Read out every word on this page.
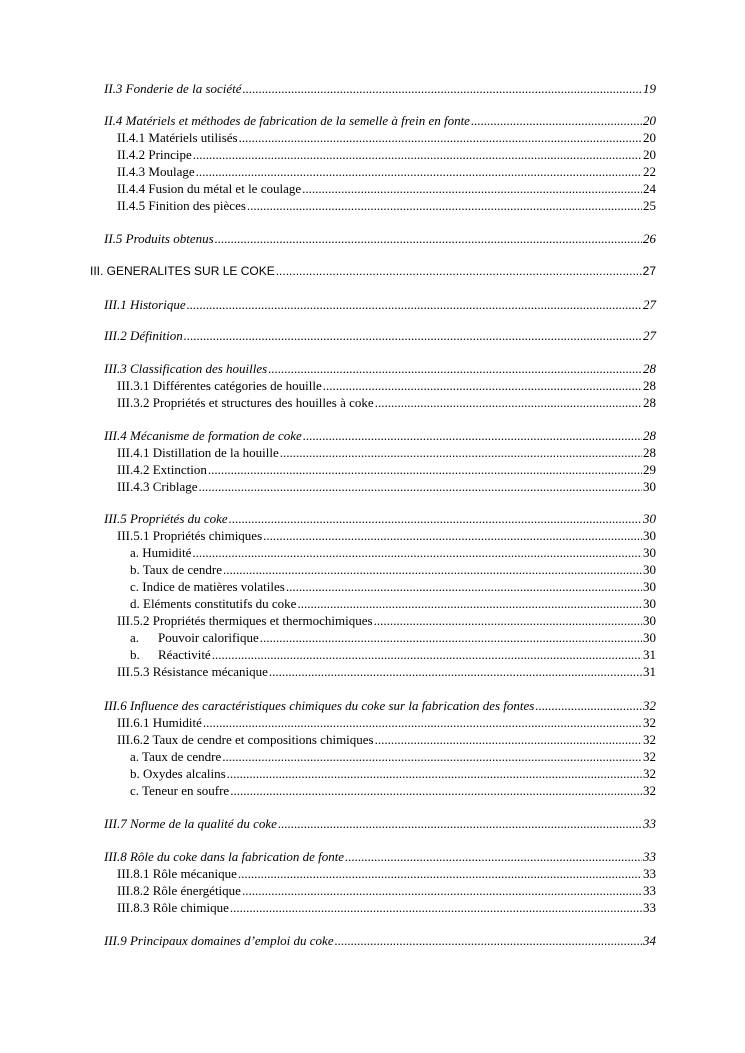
II.3 Fonderie de la société .....	19
II.4 Matériels et méthodes de fabrication de la semelle à frein en fonte .....	20
II.4.1 Matériels utilisés .....	20
II.4.2 Principe .....	20
II.4.3 Moulage .....	22
II.4.4 Fusion du métal et le coulage .....	24
II.4.5 Finition des pièces .....	25
II.5 Produits obtenus .....	26
III. GENERALITES SUR LE COKE .....	27
III.1 Historique .....	27
III.2 Définition .....	27
III.3 Classification des houilles .....	28
III.3.1 Différentes catégories de houille .....	28
III.3.2 Propriétés et structures des houilles à coke .....	28
III.4 Mécanisme de formation de coke .....	28
III.4.1 Distillation de la houille .....	28
III.4.2 Extinction .....	29
III.4.3 Criblage .....	30
III.5 Propriétés du coke .....	30
III.5.1 Propriétés chimiques .....	30
a. Humidité .....	30
b. Taux de cendre .....	30
c. Indice de matières volatiles .....	30
d. Eléments constitutifs du coke .....	30
III.5.2 Propriétés thermiques et thermochimiques .....	30
a. Pouvoir calorifique .....	30
b. Réactivité .....	31
III.5.3 Résistance mécanique .....	31
III.6 Influence des caractéristiques chimiques du coke sur la fabrication des fontes .....	32
III.6.1 Humidité .....	32
III.6.2 Taux de cendre et compositions chimiques .....	32
a. Taux de cendre .....	32
b. Oxydes alcalins .....	32
c. Teneur en soufre .....	32
III.7 Norme de la qualité du coke .....	33
III.8 Rôle du coke dans la fabrication de fonte .....	33
III.8.1 Rôle mécanique .....	33
III.8.2 Rôle énergétique .....	33
III.8.3 Rôle chimique .....	33
III.9 Principaux domaines d’emploi du coke .....	34
